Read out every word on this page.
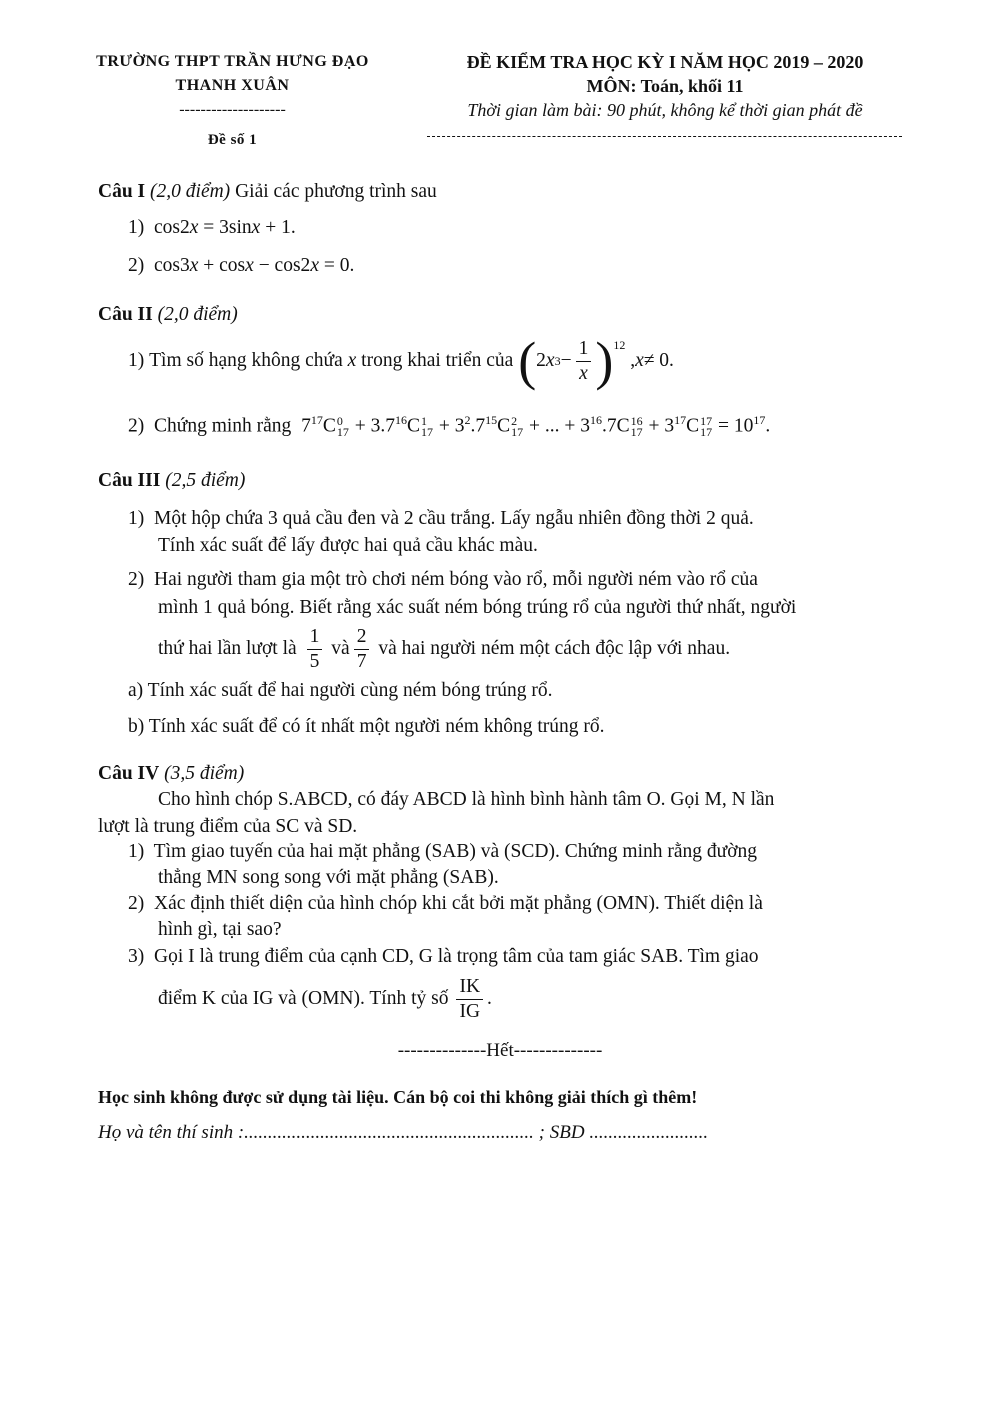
TRƯỜNG THPT TRẦN HƯNG ĐẠO
THANH XUÂN
--------------------
Đề số 1
ĐỀ KIỂM TRA HỌC KỲ I NĂM HỌC 2019 – 2020
MÔN: Toán, khối 11
Thời gian làm bài: 90 phút, không kể thời gian phát đề
Câu I (2,0 điểm) Giải các phương trình sau
1)  cos2x = 3sinx + 1.
2)  cos3x + cosx − cos2x = 0.
Câu II (2,0 điểm)
1)
Tìm số hạng không chứa
x
trong khai triển của
( 2 x $3 - \frac{1}{x} )^{12}$
, x ≠ 0.
2) Chứng minh rằng  $7^{17}C$ 0
$17 + 3.7^{16}C$ 1
$17 + 3^2.7^{15}C$ 2
17 + ... + $3^{16}.7C$ 16
$17 + 3^{17}C$ 17
$17 = 10^{17}$.
Câu III (2,5 điểm)
1) Một hộp chứa 3 quả cầu đen và 2 cầu trắng. Lấy ngẫu nhiên đồng thời 2 quả.
Tính xác suất để lấy được hai quả cầu khác màu.
2) Hai người tham gia một trò chơi ném bóng vào rổ, mỗi người ném vào rổ của
mình 1 quả bóng. Biết rằng xác suất ném bóng trúng rổ của người thứ nhất, người
thứ hai lần lượt là $\frac{1}{5}$
và $\frac{2}{7}$
và hai người ném một cách độc lập với nhau.
a) Tính xác suất để hai người cùng ném bóng trúng rổ.
b) Tính xác suất để có ít nhất một người ném không trúng rổ.
Câu IV (3,5 điểm)
Cho hình chóp S.ABCD, có đáy ABCD là hình bình hành tâm O. Gọi M, N lần
lượt là trung điểm của SC và SD.
1) Tìm giao tuyến của hai mặt phẳng (SAB) và (SCD). Chứng minh rằng đường
thẳng MN song song với mặt phẳng (SAB).
2) Xác định thiết diện của hình chóp khi cắt bởi mặt phẳng (OMN). Thiết diện là
hình gì, tại sao?
3) Gọi I là trung điểm của cạnh CD, G là trọng tâm của tam giác SAB. Tìm giao
điểm K của IG và (OMN). Tính tỷ số $\frac{IK}{IG}$ .
--------------Hết--------------
Học sinh không được sử dụng tài liệu. Cán bộ coi thi không giải thích gì thêm!
Họ và tên thí sinh :............................................................. ; SBD .........................
